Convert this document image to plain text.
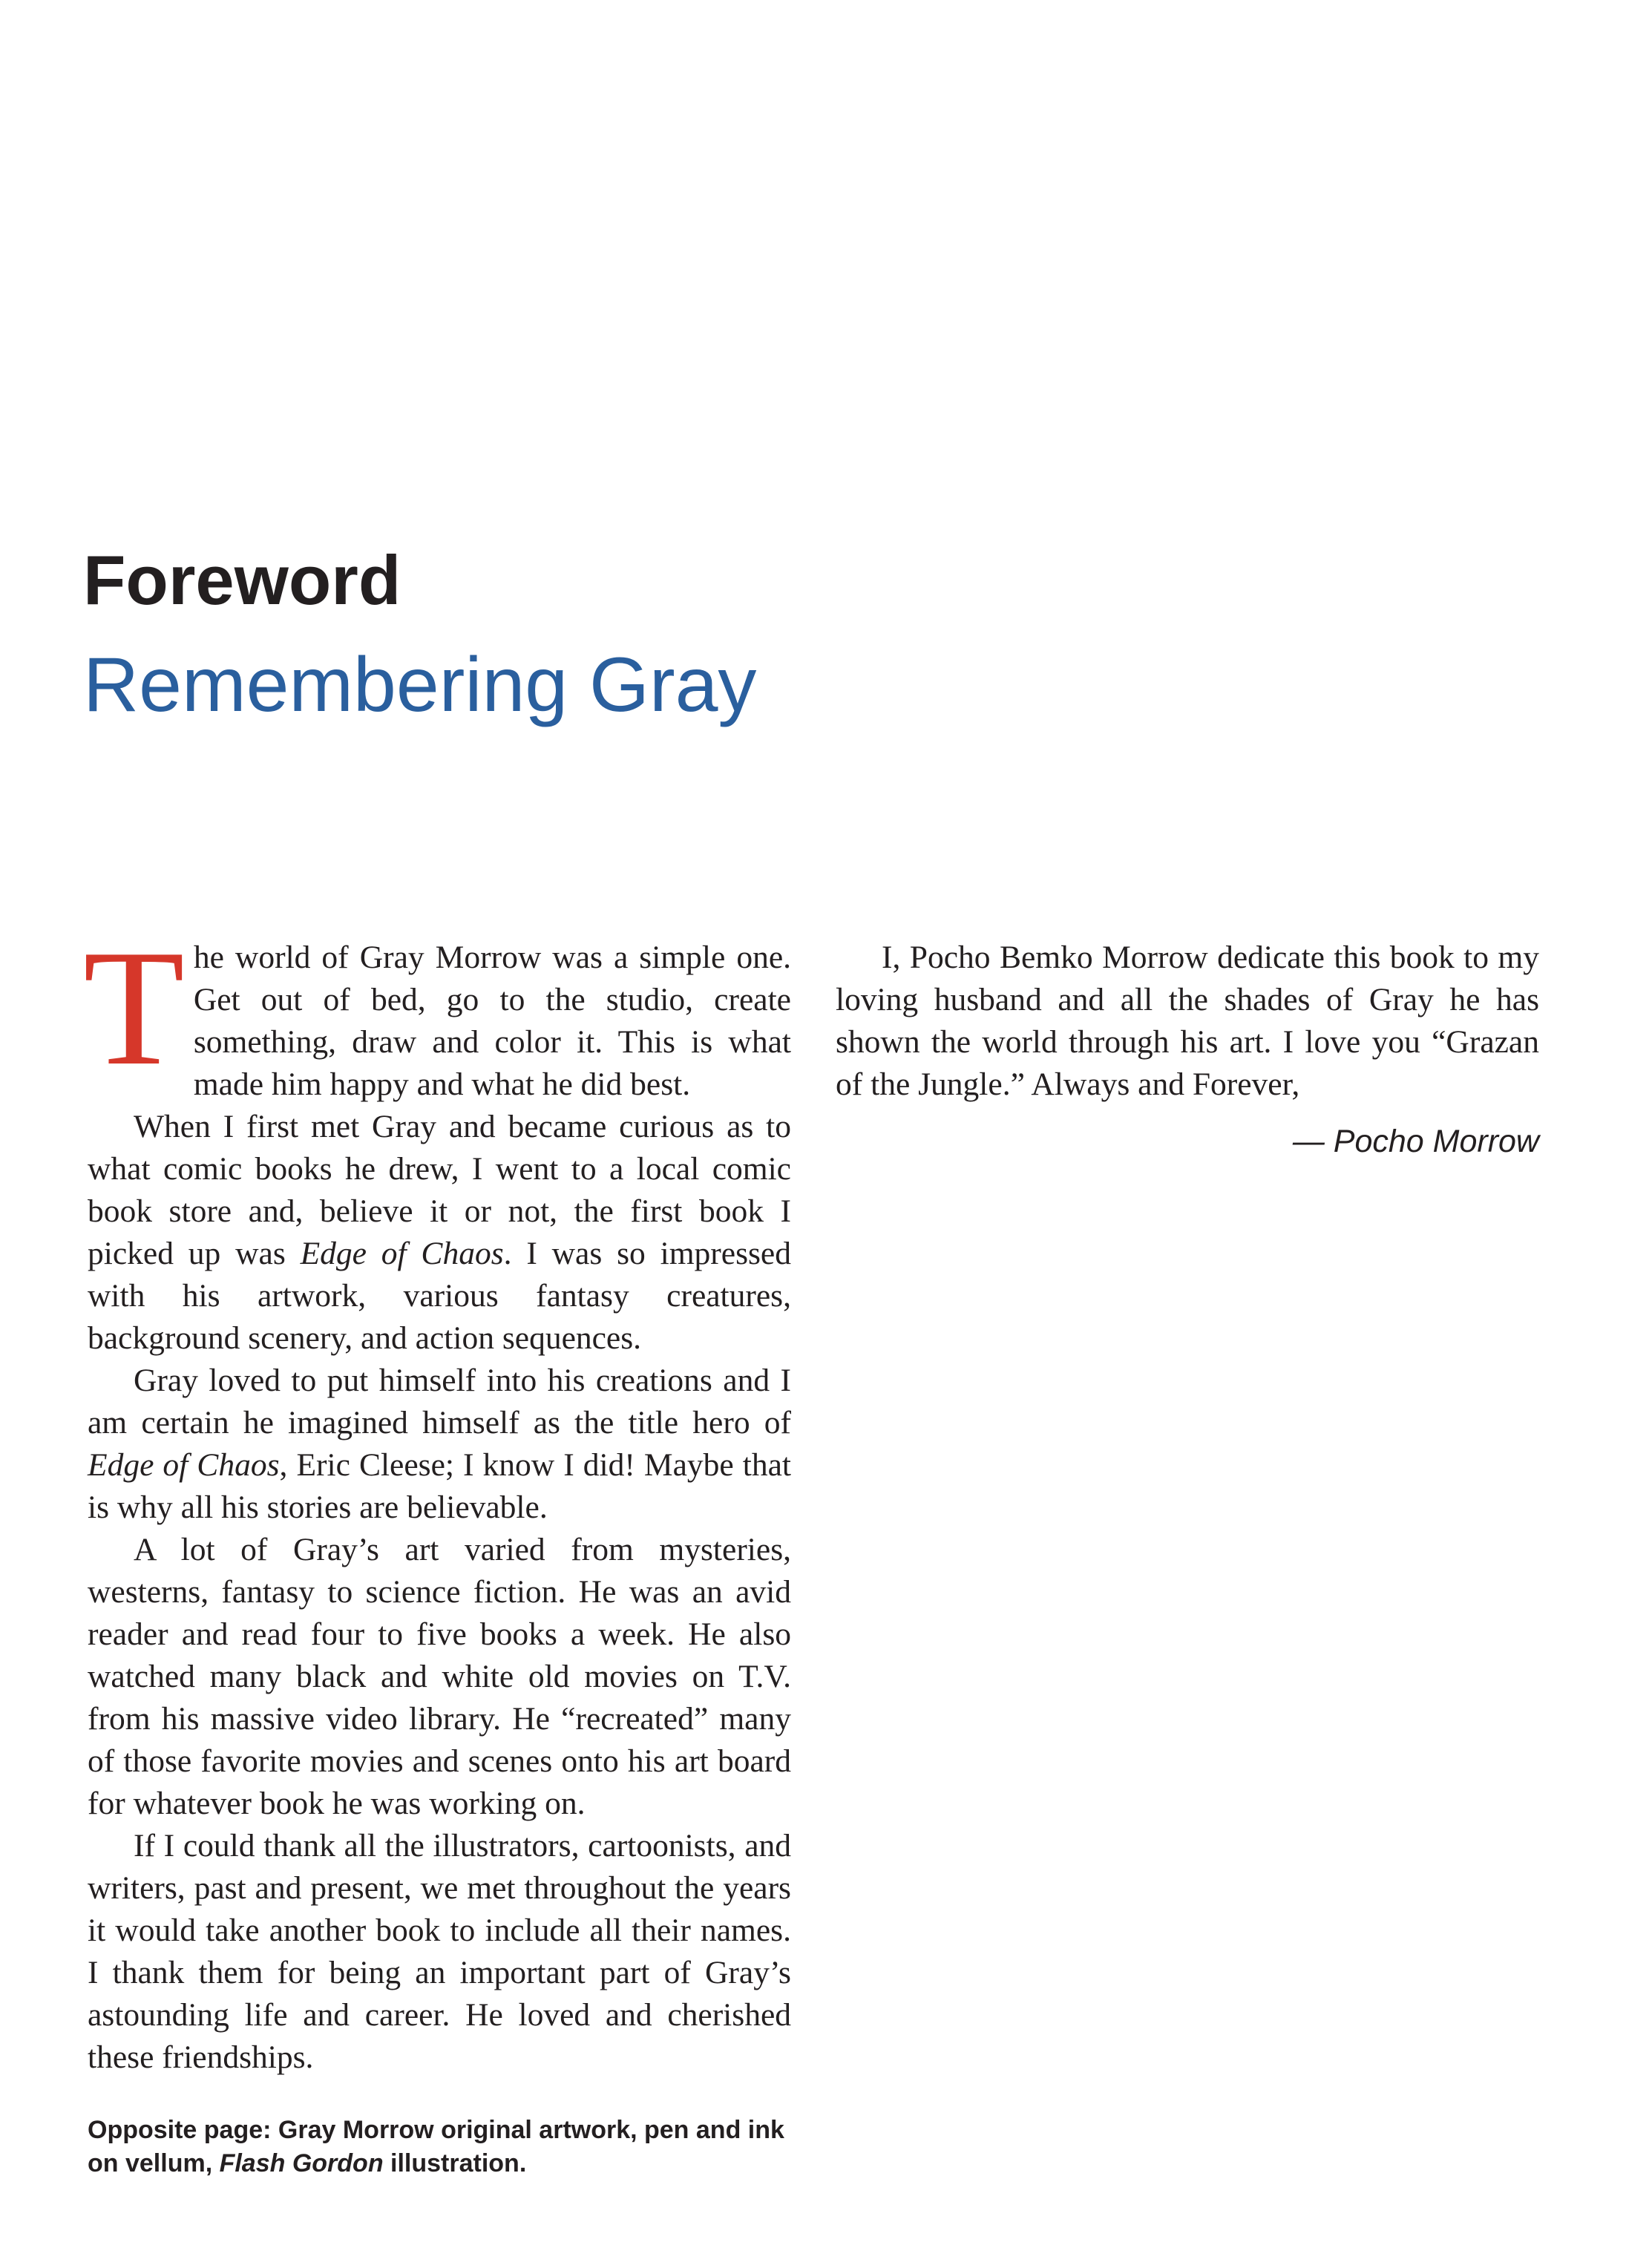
Foreword
Remembering Gray

The world of Gray Morrow was a simple one. Get out of bed, go to the studio, create something, draw and color it. This is what made him happy and what he did best.

When I first met Gray and became curious as to what comic books he drew, I went to a local comic book store and, believe it or not, the first book I picked up was Edge of Chaos. I was so impressed with his artwork, various fantasy creatures, background scenery, and action sequences.

Gray loved to put himself into his creations and I am certain he imagined himself as the title hero of Edge of Chaos, Eric Cleese; I know I did! Maybe that is why all his stories are believable.

A lot of Gray’s art varied from mysteries, westerns, fantasy to science fiction. He was an avid reader and read four to five books a week. He also watched many black and white old movies on T.V. from his massive video library. He “recreated” many of those favorite movies and scenes onto his art board for whatever book he was working on.

If I could thank all the illustrators, cartoonists, and writers, past and present, we met throughout the years it would take another book to include all their names. I thank them for being an important part of Gray’s astounding life and career. He loved and cherished these friendships.

I, Pocho Bemko Morrow dedicate this book to my loving husband and all the shades of Gray he has shown the world through his art. I love you “Grazan of the Jungle.” Always and Forever,

— Pocho Morrow

Opposite page: Gray Morrow original artwork, pen and ink on vellum, Flash Gordon illustration.
